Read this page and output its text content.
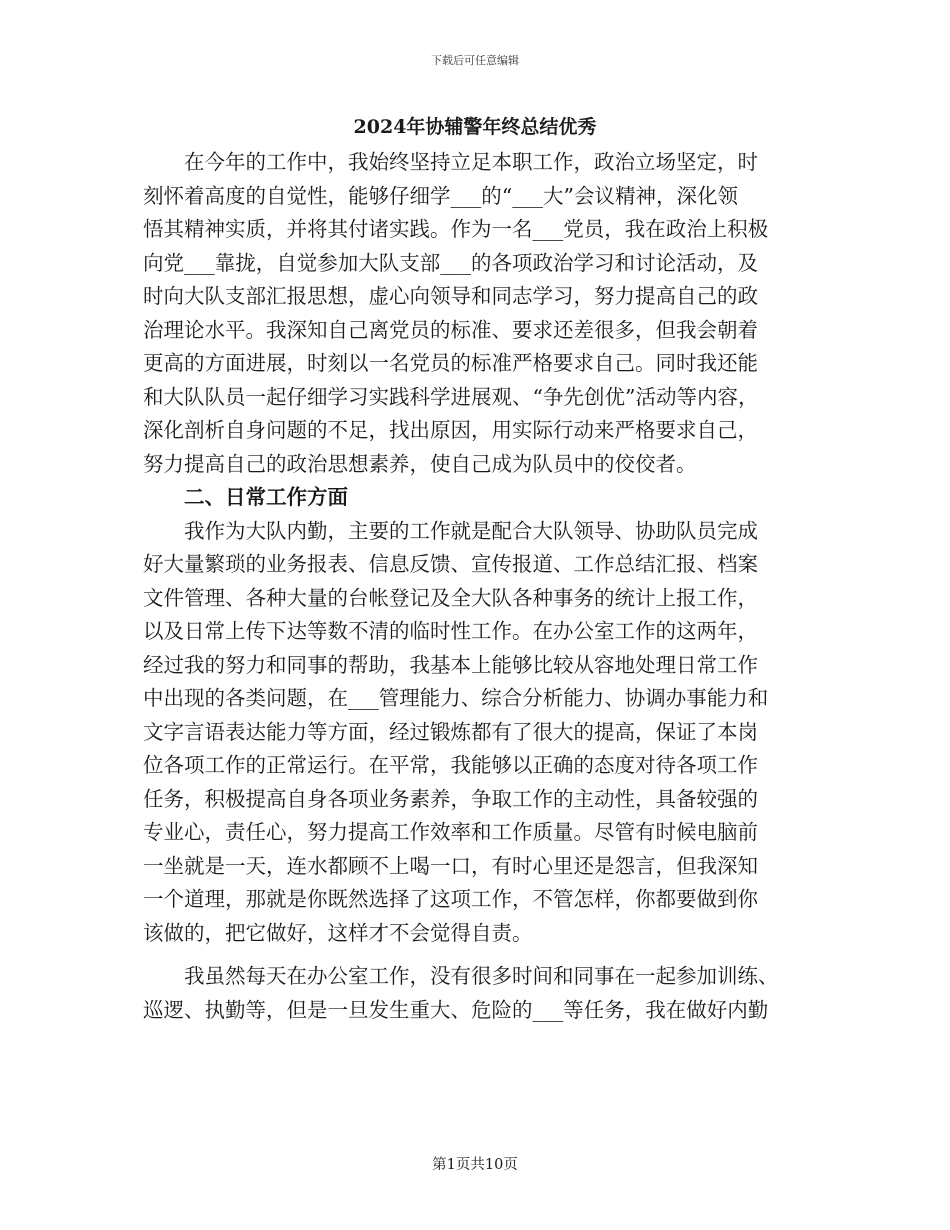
下载后可任意编辑
2024年协辅警年终总结优秀

在今年的工作中，我始终坚持立足本职工作，政治立场坚定，时
刻怀着高度的自觉性，能够仔细学___的“___大”会议精神，深化领
悟其精神实质，并将其付诸实践。作为一名___党员，我在政治上积极
向党___靠拢，自觉参加大队支部___的各项政治学习和讨论活动，及
时向大队支部汇报思想，虚心向领导和同志学习，努力提高自己的政
治理论水平。我深知自己离党员的标准、要求还差很多，但我会朝着
更高的方面进展，时刻以一名党员的标准严格要求自己。同时我还能
和大队队员一起仔细学习实践科学进展观、“争先创优”活动等内容，
深化剖析自身问题的不足，找出原因，用实际行动来严格要求自己，
努力提高自己的政治思想素养，使自己成为队员中的佼佼者。

二、日常工作方面

我作为大队内勤，主要的工作就是配合大队领导、协助队员完成
好大量繁琐的业务报表、信息反馈、宣传报道、工作总结汇报、档案
文件管理、各种大量的台帐登记及全大队各种事务的统计上报工作，
以及日常上传下达等数不清的临时性工作。在办公室工作的这两年，
经过我的努力和同事的帮助，我基本上能够比较从容地处理日常工作
中出现的各类问题，在___管理能力、综合分析能力、协调办事能力和
文字言语表达能力等方面，经过锻炼都有了很大的提高，保证了本岗
位各项工作的正常运行。在平常，我能够以正确的态度对待各项工作
任务，积极提高自身各项业务素养，争取工作的主动性，具备较强的
专业心，责任心，努力提高工作效率和工作质量。尽管有时候电脑前
一坐就是一天，连水都顾不上喝一口，有时心里还是怨言，但我深知
一个道理，那就是你既然选择了这项工作，不管怎样，你都要做到你
该做的，把它做好，这样才不会觉得自责。

我虽然每天在办公室工作，没有很多时间和同事在一起参加训练、
巡逻、执勤等，但是一旦发生重大、危险的___等任务，我在做好内勤

第1页共10页
